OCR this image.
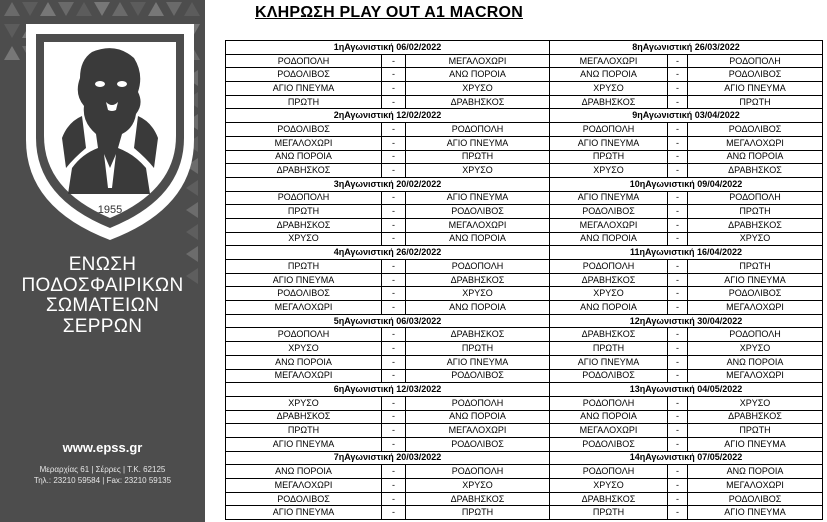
1955
ΕΝΩΣΗ
ΠΟΔΟΣΦΑΙΡΙΚΩΝ
ΣΩΜΑΤΕΙΩΝ
ΣΕΡΡΩΝ
www.epss.gr
Μεραρχίας 61 | Σέρρες | Τ.Κ. 62125
Τηλ.: 23210 59584 | Fax: 23210 59135
ΚΛΗΡΩΣΗ PLAY OUT A1 MACRON
1ηΑγωνιστική 06/02/2022			8ηΑγωνιστική 26/03/2022		
ΡΟΔΟΠΟΛΗ	-	ΜΕΓΑΛΟΧΩΡΙ	ΜΕΓΑΛΟΧΩΡΙ	-	ΡΟΔΟΠΟΛΗ
ΡΟΔΟΛΙΒΟΣ	-	ΑΝΩ ΠΟΡΟΙΑ	ΑΝΩ ΠΟΡΟΙΑ	-	ΡΟΔΟΛΙΒΟΣ
ΑΓΙΟ ΠΝΕΥΜΑ	-	ΧΡΥΣΟ	ΧΡΥΣΟ	-	ΑΓΙΟ ΠΝΕΥΜΑ
ΠΡΩΤΗ	-	ΔΡΑΒΗΣΚΟΣ	ΔΡΑΒΗΣΚΟΣ	-	ΠΡΩΤΗ
2ηΑγωνιστική 12/02/2022			9ηΑγωνιστική 03/04/2022		
ΡΟΔΟΛΙΒΟΣ	-	ΡΟΔΟΠΟΛΗ	ΡΟΔΟΠΟΛΗ	-	ΡΟΔΟΛΙΒΟΣ
ΜΕΓΑΛΟΧΩΡΙ	-	ΑΓΙΟ ΠΝΕΥΜΑ	ΑΓΙΟ ΠΝΕΥΜΑ	-	ΜΕΓΑΛΟΧΩΡΙ
ΑΝΩ ΠΟΡΟΙΑ	-	ΠΡΩΤΗ	ΠΡΩΤΗ	-	ΑΝΩ ΠΟΡΟΙΑ
ΔΡΑΒΗΣΚΟΣ	-	ΧΡΥΣΟ	ΧΡΥΣΟ	-	ΔΡΑΒΗΣΚΟΣ
3ηΑγωνιστική 20/02/2022			10ηΑγωνιστική 09/04/2022		
ΡΟΔΟΠΟΛΗ	-	ΑΓΙΟ ΠΝΕΥΜΑ	ΑΓΙΟ ΠΝΕΥΜΑ	-	ΡΟΔΟΠΟΛΗ
ΠΡΩΤΗ	-	ΡΟΔΟΛΙΒΟΣ	ΡΟΔΟΛΙΒΟΣ	-	ΠΡΩΤΗ
ΔΡΑΒΗΣΚΟΣ	-	ΜΕΓΑΛΟΧΩΡΙ	ΜΕΓΑΛΟΧΩΡΙ	-	ΔΡΑΒΗΣΚΟΣ
ΧΡΥΣΟ	-	ΑΝΩ ΠΟΡΟΙΑ	ΑΝΩ ΠΟΡΟΙΑ	-	ΧΡΥΣΟ
4ηΑγωνιστική 26/02/2022			11ηΑγωνιστική 16/04/2022		
ΠΡΩΤΗ	-	ΡΟΔΟΠΟΛΗ	ΡΟΔΟΠΟΛΗ	-	ΠΡΩΤΗ
ΑΓΙΟ ΠΝΕΥΜΑ	-	ΔΡΑΒΗΣΚΟΣ	ΔΡΑΒΗΣΚΟΣ	-	ΑΓΙΟ ΠΝΕΥΜΑ
ΡΟΔΟΛΙΒΟΣ	-	ΧΡΥΣΟ	ΧΡΥΣΟ	-	ΡΟΔΟΛΙΒΟΣ
ΜΕΓΑΛΟΧΩΡΙ	-	ΑΝΩ ΠΟΡΟΙΑ	ΑΝΩ ΠΟΡΟΙΑ	-	ΜΕΓΑΛΟΧΩΡΙ
5ηΑγωνιστική 06/03/2022			12ηΑγωνιστική 30/04/2022		
ΡΟΔΟΠΟΛΗ	-	ΔΡΑΒΗΣΚΟΣ	ΔΡΑΒΗΣΚΟΣ	-	ΡΟΔΟΠΟΛΗ
ΧΡΥΣΟ	-	ΠΡΩΤΗ	ΠΡΩΤΗ	-	ΧΡΥΣΟ
ΑΝΩ ΠΟΡΟΙΑ	-	ΑΓΙΟ ΠΝΕΥΜΑ	ΑΓΙΟ ΠΝΕΥΜΑ	-	ΑΝΩ ΠΟΡΟΙΑ
ΜΕΓΑΛΟΧΩΡΙ	-	ΡΟΔΟΛΙΒΟΣ	ΡΟΔΟΛΙΒΟΣ	-	ΜΕΓΑΛΟΧΩΡΙ
6ηΑγωνιστική 12/03/2022			13ηΑγωνιστική 04/05/2022		
ΧΡΥΣΟ	-	ΡΟΔΟΠΟΛΗ	ΡΟΔΟΠΟΛΗ	-	ΧΡΥΣΟ
ΔΡΑΒΗΣΚΟΣ	-	ΑΝΩ ΠΟΡΟΙΑ	ΑΝΩ ΠΟΡΟΙΑ	-	ΔΡΑΒΗΣΚΟΣ
ΠΡΩΤΗ	-	ΜΕΓΑΛΟΧΩΡΙ	ΜΕΓΑΛΟΧΩΡΙ	-	ΠΡΩΤΗ
ΑΓΙΟ ΠΝΕΥΜΑ	-	ΡΟΔΟΛΙΒΟΣ	ΡΟΔΟΛΙΒΟΣ	-	ΑΓΙΟ ΠΝΕΥΜΑ
7ηΑγωνιστική 20/03/2022			14ηΑγωνιστική 07/05/2022		
ΑΝΩ ΠΟΡΟΙΑ	-	ΡΟΔΟΠΟΛΗ	ΡΟΔΟΠΟΛΗ	-	ΑΝΩ ΠΟΡΟΙΑ
ΜΕΓΑΛΟΧΩΡΙ	-	ΧΡΥΣΟ	ΧΡΥΣΟ	-	ΜΕΓΑΛΟΧΩΡΙ
ΡΟΔΟΛΙΒΟΣ	-	ΔΡΑΒΗΣΚΟΣ	ΔΡΑΒΗΣΚΟΣ	-	ΡΟΔΟΛΙΒΟΣ
ΑΓΙΟ ΠΝΕΥΜΑ	-	ΠΡΩΤΗ	ΠΡΩΤΗ	-	ΑΓΙΟ ΠΝΕΥΜΑ
